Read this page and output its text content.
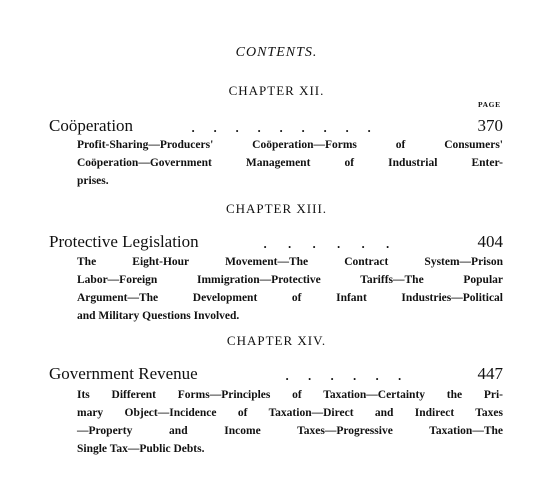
CONTENTS.
PAGE
CHAPTER XII.
Coöperation	. . . . . . . . .	370
Profit-Sharing—Producers' Coöperation—Forms of Consumers'
Coöperation—Government Management of Industrial Enter-
prises.
CHAPTER XIII.
Protective Legislation	. . . . . .	404
The Eight-Hour Movement—The Contract System—Prison
Labor—Foreign Immigration—Protective Tariffs—The Popular
Argument—The Development of Infant Industries—Political
and Military Questions Involved.
CHAPTER XIV.
Government Revenue	. . . . . .	447
Its Different Forms—Principles of Taxation—Certainty the Pri-
mary Object—Incidence of Taxation—Direct and Indirect Taxes
—Property and Income Taxes—Progressive Taxation—The
Single Tax—Public Debts.
